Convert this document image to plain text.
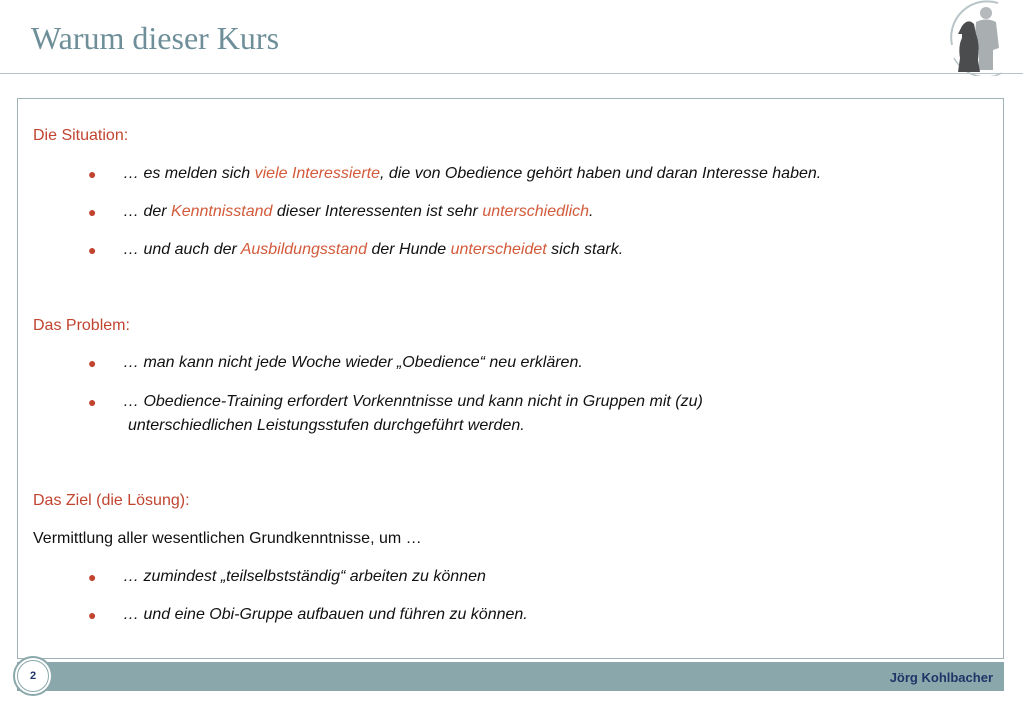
Warum dieser Kurs
Die Situation:
● … es melden sich viele Interessierte, die von Obedience gehört haben und daran Interesse haben.
● … der Kenntnisstand dieser Interessenten ist sehr unterschiedlich.
● … und auch der Ausbildungsstand der Hunde unterscheidet sich stark.
Das Problem:
● … man kann nicht jede Woche wieder „Obedience“ neu erklären.
● … Obedience-Training erfordert Vorkenntnisse und kann nicht in Gruppen mit (zu)
unterschiedlichen Leistungsstufen durchgeführt werden.
Das Ziel (die Lösung):
Vermittlung aller wesentlichen Grundkenntnisse, um …
● … zumindest „teilselbstständig“ arbeiten zu können
● … und eine Obi-Gruppe aufbauen und führen zu können.
Jörg Kohlbacher
2
